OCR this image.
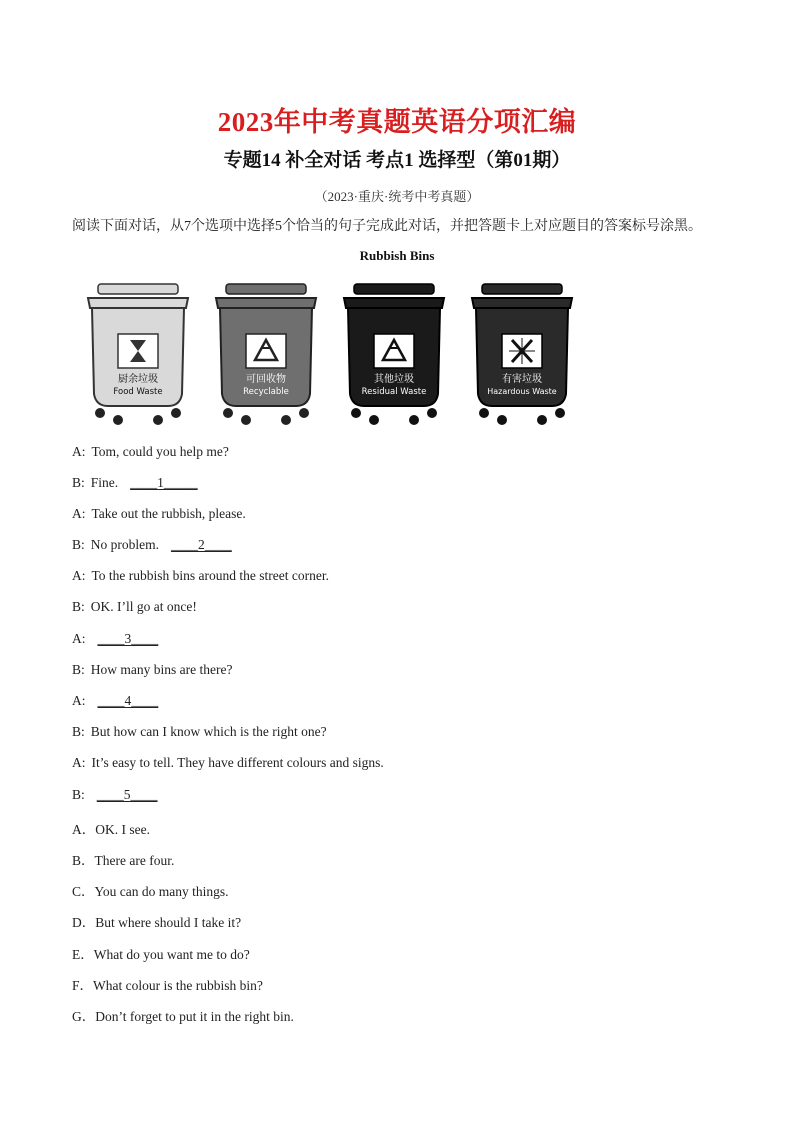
2023年中考真题英语分项汇编
专题14 补全对话 考点1 选择型（第01期）
（2023·重庆·统考中考真题）
阅读下面对话，从7个选项中选择5个恰当的句子完成此对话，并把答题卡上对应题目的答案标号涂黑。
Rubbish Bins
厨余垃圾
Food Waste
可回收物
Recyclable
其他垃圾
Residual Waste
有害垃圾
Hazardous Waste
A: Tom, could you help me?
B: Fine. ____1_____
A: Take out the rubbish, please.
B: No problem. ____2____
A: To the rubbish bins around the street corner.
B: OK. I’ll go at once!
A: ____3____
B: How many bins are there?
A: ____4____
B: But how can I know which is the right one?
A: It’s easy to tell. They have different colours and signs.
B: ____5____
A．OK. I see.
B．There are four.
C．You can do many things.
D．But where should I take it?
E．What do you want me to do?
F．What colour is the rubbish bin?
G．Don’t forget to put it in the right bin.
